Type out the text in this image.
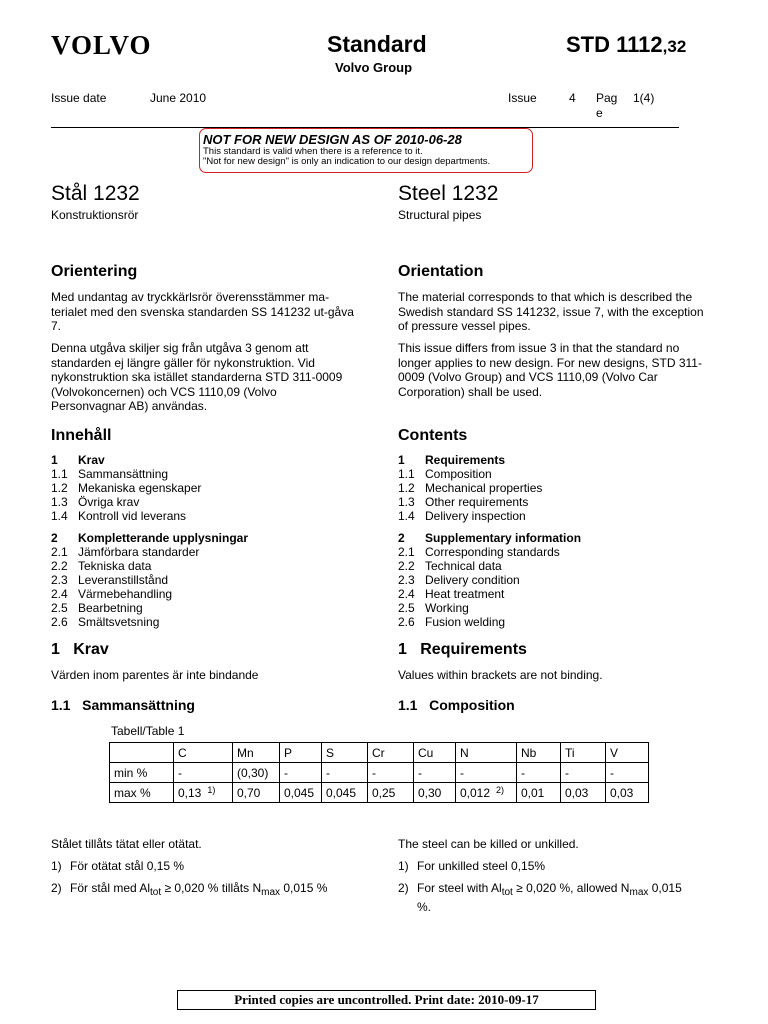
VOLVO	Standard
Volvo Group
STD 1112,32
Issue date	June 2010	Issue	4 Pag
e
1(4)
NOT FOR NEW DESIGN AS OF 2010-06-28
This standard is valid when there is a reference to it.
"Not for new design" is only an indication to our design departments.
Stål 1232
Konstruktionsrör
Steel 1232
Structural pipes
Orientering
Med undantag av tryckkärlsrör överensstämmer ma-terialet med den svenska standarden SS 141232 ut-gåva 7.
Denna utgåva skiljer sig från utgåva 3 genom att standarden ej längre gäller för nykonstruktion. Vid nykonstruktion ska istället standarderna STD 311-0009 (Volvokoncernen) och VCS 1110,09 (Volvo Personvagnar AB) användas.
Orientation
The material corresponds to that which is described the Swedish standard SS 141232, issue 7, with the exception of pressure vessel pipes.
This issue differs from issue 3 in that the standard no longer applies to new design. For new designs, STD 311-0009 (Volvo Group) and VCS 1110,09 (Volvo Car Corporation) shall be used.
Innehåll
1	Krav
1.1 Sammansättning
1.2 Mekaniska egenskaper
1.3 Övriga krav
1.4 Kontroll vid leverans
2	Kompletterande upplysningar
2.1 Jämförbara standarder
2.2 Tekniska data
2.3 Leveranstillstånd
2.4 Värmebehandling
2.5 Bearbetning
2.6 Smältsvetsning
Contents
1	Requirements
1.1 Composition
1.2 Mechanical properties
1.3 Other requirements
1.4 Delivery inspection
2	Supplementary information
2.1 Corresponding standards
2.2 Technical data
2.3 Delivery condition
2.4 Heat treatment
2.5 Working
2.6 Fusion welding
1   Krav
Värden inom parentes är inte bindande
1   Requirements
Values within brackets are not binding.
1.1   Sammansättning	1.1   Composition
Tabell/Table 1
	C	Mn	P	S	Cr	Cu	N	Nb	Ti	V
min %	-	(0,30)	-	-	-	-	-	-	-	-
max %	0,13 $^{1)}$	0,70	0,045	0,045	0,25	0,30	0,012 $^{2)}$	0,01	0,03	0,03
Stålet tillåts tätat eller otätat.
1) För otätat stål 0,15 %
2) För stål med $Al_{tot} \ge 0,020$ % tillåts $N_{max}$ 0,015 %
The steel can be killed or unkilled.
1) For unkilled steel 0,15%
2) For steel with $Al_{tot} \ge 0,020$ %, allowed $N_{max}$ 0,015 %.
Printed copies are uncontrolled. Print date: 2010-09-17
